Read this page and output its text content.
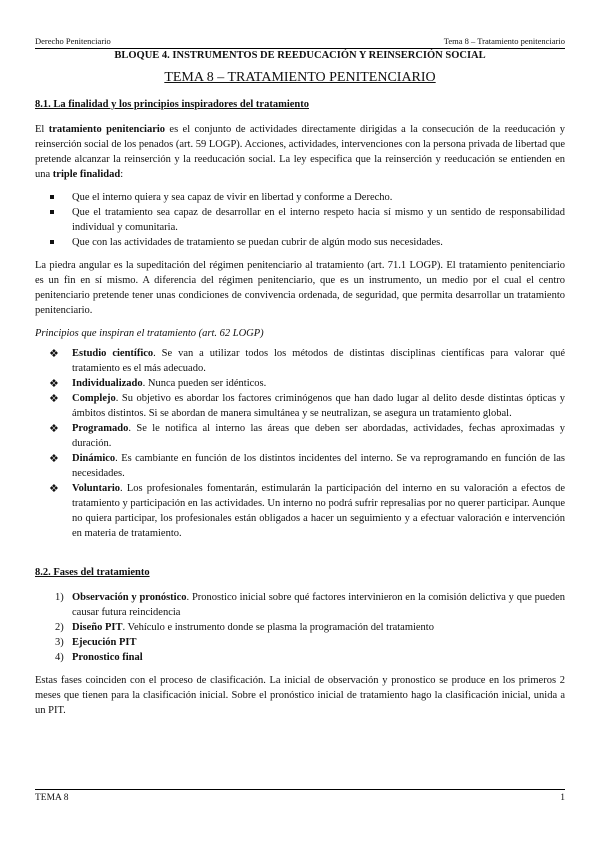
Derecho Penitenciario	Tema 8 – Tratamiento penitenciario
BLOQUE 4. INSTRUMENTOS DE REEDUCACIÓN Y REINSERCIÓN SOCIAL
TEMA 8 – TRATAMIENTO PENITENCIARIO
8.1. La finalidad y los principios inspiradores del tratamiento

El tratamiento penitenciario es el conjunto de actividades directamente dirigidas a la consecución de la reeducación y reinserción social de los penados (art. 59 LOGP). Acciones, actividades, intervenciones con la persona privada de libertad que pretende alcanzar la reinserción y la reeducación social. La ley especifica que la reinserción y reeducación se entienden en una triple finalidad:

Que el interno quiera y sea capaz de vivir en libertad y conforme a Derecho.
Que el tratamiento sea capaz de desarrollar en el interno respeto hacia sí mismo y un sentido de responsabilidad individual y comunitaria.
Que con las actividades de tratamiento se puedan cubrir de algún modo sus necesidades.

La piedra angular es la supeditación del régimen penitenciario al tratamiento (art. 71.1 LOGP). El tratamiento penitenciario es un fin en sí mismo. A diferencia del régimen penitenciario, que es un instrumento, un medio por el cual el centro penitenciario pretende tener unas condiciones de convivencia ordenada, de seguridad, que permita desarrollar un tratamiento penitenciario.

Principios que inspiran el tratamiento (art. 62 LOGP)
❖ Estudio científico. Se van a utilizar todos los métodos de distintas disciplinas científicas para valorar qué tratamiento es el más adecuado.
❖ Individualizado. Nunca pueden ser idénticos.
❖ Complejo. Su objetivo es abordar los factores criminógenos que han dado lugar al delito desde distintas ópticas y ámbitos distintos. Si se abordan de manera simultánea y se neutralizan, se asegura un tratamiento global.
❖ Programado. Se le notifica al interno las áreas que deben ser abordadas, actividades, fechas aproximadas y duración.
❖ Dinámico. Es cambiante en función de los distintos incidentes del interno. Se va reprogramando en función de las necesidades.
❖ Voluntario. Los profesionales fomentarán, estimularán la participación del interno en su valoración a efectos de tratamiento y participación en las actividades. Un interno no podrá sufrir represalias por no querer participar. Aunque no quiera participar, los profesionales están obligados a hacer un seguimiento y a efectuar valoración e intervención en materia de tratamiento.
8.2. Fases del tratamiento
1) Observación y pronóstico. Pronostico inicial sobre qué factores intervinieron en la comisión delictiva y que pueden causar futura reincidencia
2) Diseño PIT. Vehículo e instrumento donde se plasma la programación del tratamiento
3) Ejecución PIT
4) Pronostico final

Estas fases coinciden con el proceso de clasificación. La inicial de observación y pronostico se produce en los primeros 2 meses que tienen para la clasificación inicial. Sobre el pronóstico inicial de tratamiento hago la clasificación inicial, unida a un PIT.

TEMA 8	1
